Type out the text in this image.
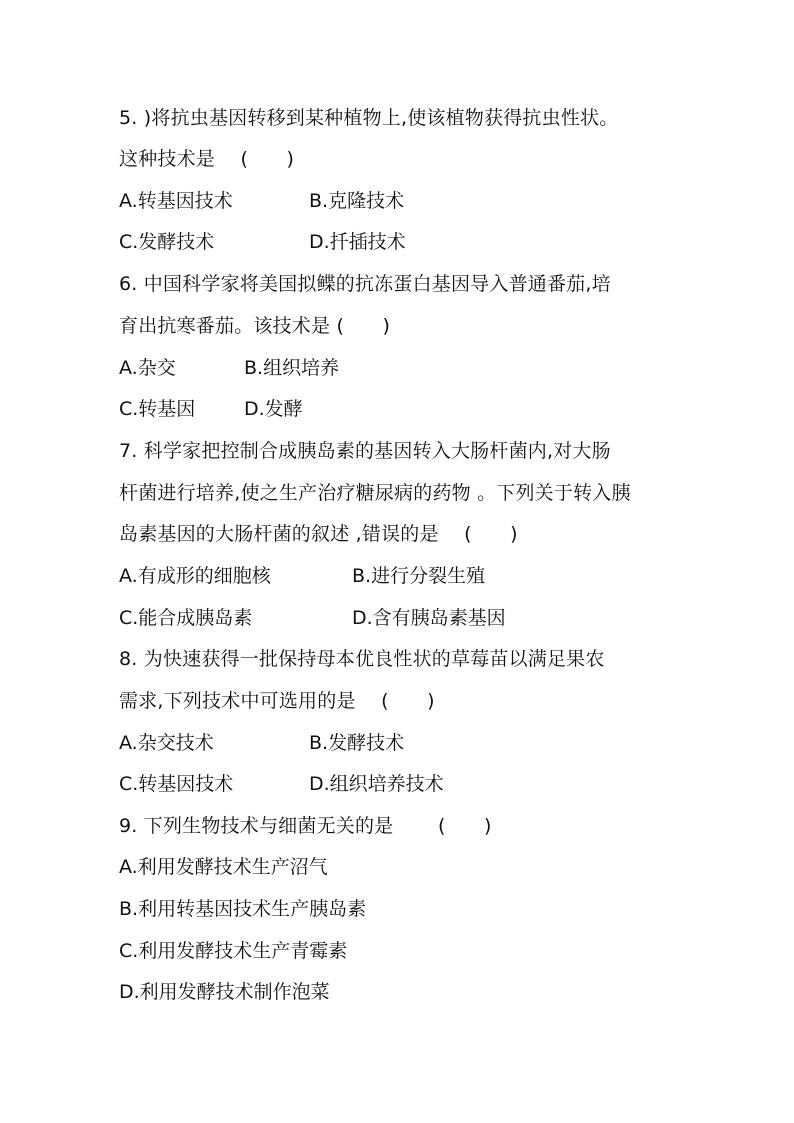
5. )将抗虫基因转移到某种植物上,使该植物获得抗虫性状。
这种技术是 　(　　)
A.转基因技术	B.克隆技术
C.发酵技术	D.扦插技术
6. 中国科学家将美国拟鲽的抗冻蛋白基因导入普通番茄,培
育出抗寒番茄。该技术是 (　　)
A.杂交	B.组织培养
C.转基因	D.发酵
7. 科学家把控制合成胰岛素的基因转入大肠杆菌内,对大肠
杆菌进行培养,使之生产治疗糖尿病的药物 。下列关于转入胰
岛素基因的大肠杆菌的叙述 ,错误的是 　(　　)
A.有成形的细胞核	B.进行分裂生殖
C.能合成胰岛素	D.含有胰岛素基因
8. 为快速获得一批保持母本优良性状的草莓苗以满足果农
需求,下列技术中可选用的是 　(　　)
A.杂交技术	B.发酵技术
C.转基因技术	D.组织培养技术
9. 下列生物技术与细菌无关的是 　　(　　)
A.利用发酵技术生产沼气
B.利用转基因技术生产胰岛素
C.利用发酵技术生产青霉素
D.利用发酵技术制作泡菜
